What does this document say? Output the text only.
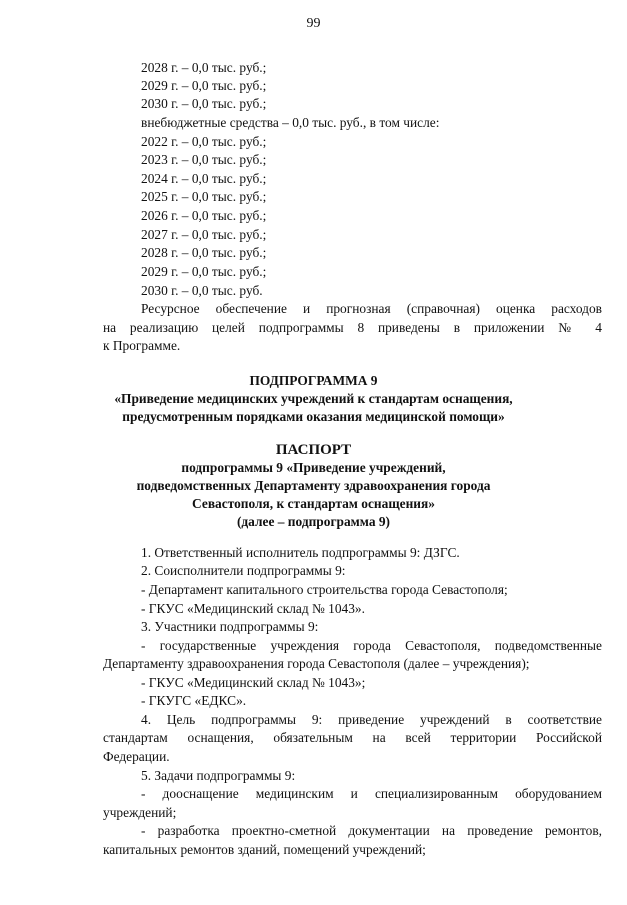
99
2028 г. – 0,0 тыс. руб.;
2029 г. – 0,0 тыс. руб.;
2030 г. – 0,0 тыс. руб.;
внебюджетные средства – 0,0 тыс. руб., в том числе:
2022 г. – 0,0 тыс. руб.;
2023 г. – 0,0 тыс. руб.;
2024 г. – 0,0 тыс. руб.;
2025 г. – 0,0 тыс. руб.;
2026 г. – 0,0 тыс. руб.;
2027 г. – 0,0 тыс. руб.;
2028 г. – 0,0 тыс. руб.;
2029 г. – 0,0 тыс. руб.;
2030 г. – 0,0 тыс. руб.
Ресурсное обеспечение и прогнозная (справочная) оценка расходов
на реализацию целей подпрограммы 8 приведены в приложении № 4
к Программе.
ПОДПРОГРАММА 9
«Приведение медицинских учреждений к стандартам оснащения,
предусмотренным порядками оказания медицинской помощи»
ПАСПОРТ
подпрограммы 9 «Приведение учреждений,
подведомственных Департаменту здравоохранения города
Севастополя, к стандартам оснащения»
(далее – подпрограмма 9)
1. Ответственный исполнитель подпрограммы 9: ДЗГС.
2. Соисполнители подпрограммы 9:
- Департамент капитального строительства города Севастополя;
- ГКУС «Медицинский склад № 1043».
3. Участники подпрограммы 9:
- государственные учреждения города Севастополя, подведомственные
Департаменту здравоохранения города Севастополя (далее – учреждения);
- ГКУС «Медицинский склад № 1043»;
- ГКУГС «ЕДКС».
4. Цель подпрограммы 9: приведение учреждений в соответствие
стандартам оснащения, обязательным на всей территории Российской
Федерации.
5. Задачи подпрограммы 9:
- дооснащение медицинским и специализированным оборудованием
учреждений;
- разработка проектно-сметной документации на проведение ремонтов,
капитальных ремонтов зданий, помещений учреждений;
